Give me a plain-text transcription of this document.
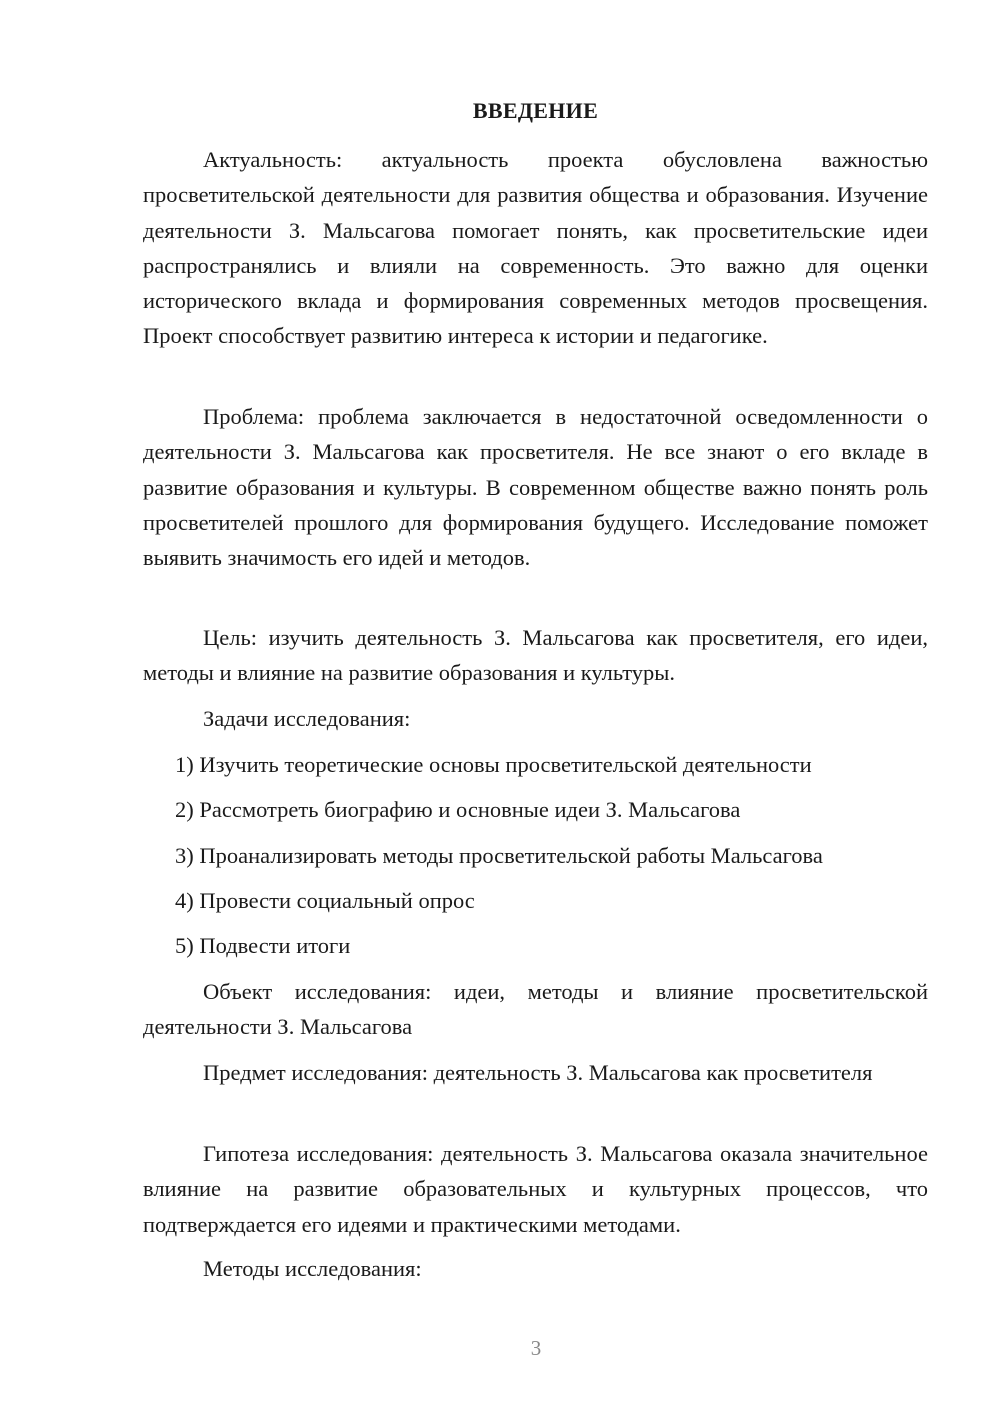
ВВЕДЕНИЕ

Актуальность: актуальность проекта обусловлена важностью просветительской деятельности для развития общества и образования. Изучение деятельности З. Мальсагова помогает понять, как просветительские идеи распространялись и влияли на современность. Это важно для оценки исторического вклада и формирования современных методов просвещения. Проект способствует развитию интереса к истории и педагогике.

Проблема: проблема заключается в недостаточной осведомленности о деятельности З. Мальсагова как просветителя. Не все знают о его вкладе в развитие образования и культуры. В современном обществе важно понять роль просветителей прошлого для формирования будущего. Исследование поможет выявить значимость его идей и методов.

Цель: изучить деятельность З. Мальсагова как просветителя, его идеи, методы и влияние на развитие образования и культуры.

Задачи исследования:

1) Изучить теоретические основы просветительской деятельности

2) Рассмотреть биографию и основные идеи З. Мальсагова

3) Проанализировать методы просветительской работы Мальсагова

4) Провести социальный опрос

5) Подвести итоги

Объект исследования: идеи, методы и влияние просветительской деятельности З. Мальсагова

Предмет исследования: деятельность З. Мальсагова как просветителя

Гипотеза исследования: деятельность З. Мальсагова оказала значительное влияние на развитие образовательных и культурных процессов, что подтверждается его идеями и практическими методами.

Методы исследования:

3
